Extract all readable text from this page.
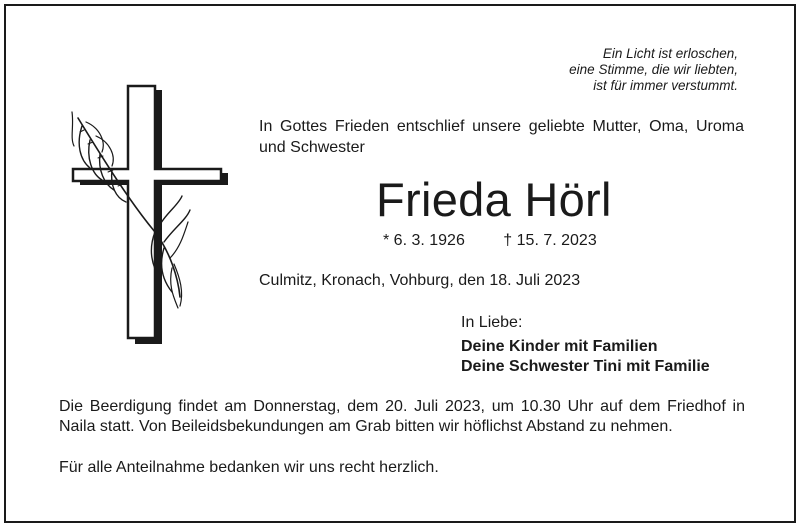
Ein Licht ist erloschen,
eine Stimme, die wir liebten,
ist für immer verstummt.
In Gottes Frieden entschlief unsere geliebte Mutter, Oma, Uroma und Schwester
Frieda Hörl
* 6. 3. 1926 † 15. 7. 2023
Culmitz, Kronach, Vohburg, den 18. Juli 2023
In Liebe:
Deine Kinder mit Familien
Deine Schwester Tini mit Familie
Die Beerdigung findet am Donnerstag, dem 20. Juli 2023, um 10.30 Uhr auf dem Friedhof in Naila statt. Von Beileidsbekundungen am Grab bitten wir höflichst Abstand zu nehmen.
Für alle Anteilnahme bedanken wir uns recht herzlich.
